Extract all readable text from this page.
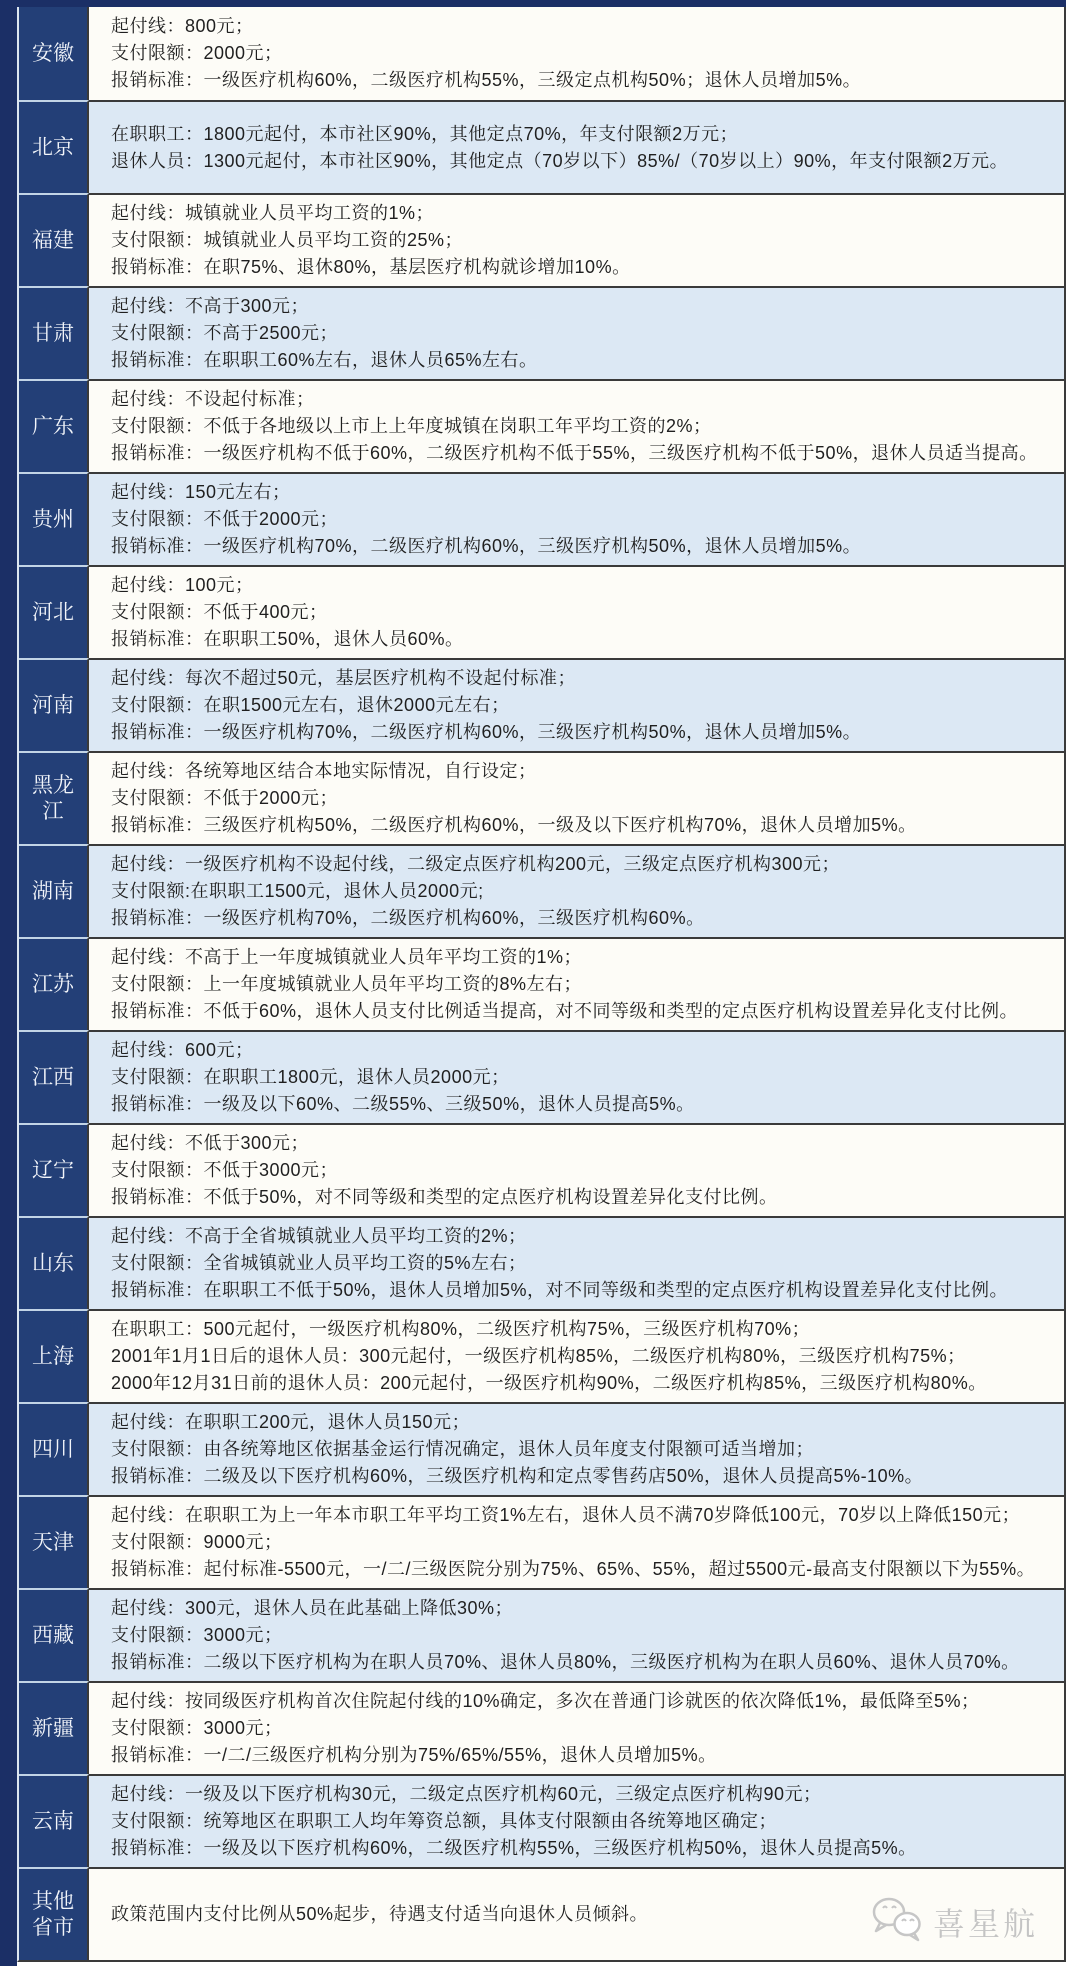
安徽
起付线：800元；
支付限额：2000元；
报销标准：一级医疗机构60%，二级医疗机构55%，三级定点机构50%；退休人员增加5%。
北京
在职职工：1800元起付，本市社区90%，其他定点70%，年支付限额2万元；
退休人员：1300元起付，本市社区90%，其他定点（70岁以下）85%/（70岁以上）90%，年支付限额2万元。
福建
起付线：城镇就业人员平均工资的1%；
支付限额：城镇就业人员平均工资的25%；
报销标准：在职75%、退休80%，基层医疗机构就诊增加10%。
甘肃
起付线：不高于300元；
支付限额：不高于2500元；
报销标准：在职职工60%左右，退休人员65%左右。
广东
起付线：不设起付标准；
支付限额：不低于各地级以上市上上年度城镇在岗职工年平均工资的2%；
报销标准：一级医疗机构不低于60%，二级医疗机构不低于55%，三级医疗机构不低于50%，退休人员适当提高。
贵州
起付线：150元左右；
支付限额：不低于2000元；
报销标准：一级医疗机构70%，二级医疗机构60%，三级医疗机构50%，退休人员增加5%。
河北
起付线：100元；
支付限额：不低于400元；
报销标准：在职职工50%，退休人员60%。
河南
起付线：每次不超过50元，基层医疗机构不设起付标准；
支付限额：在职1500元左右，退休2000元左右；
报销标准：一级医疗机构70%，二级医疗机构60%，三级医疗机构50%，退休人员增加5%。
黑龙江
起付线：各统筹地区结合本地实际情况，自行设定；
支付限额：不低于2000元；
报销标准：三级医疗机构50%，二级医疗机构60%，一级及以下医疗机构70%，退休人员增加5%。
湖南
起付线：一级医疗机构不设起付线，二级定点医疗机构200元，三级定点医疗机构300元；
支付限额:在职职工1500元，退休人员2000元;
报销标准：一级医疗机构70%，二级医疗机构60%，三级医疗机构60%。
江苏
起付线：不高于上一年度城镇就业人员年平均工资的1%；
支付限额：上一年度城镇就业人员年平均工资的8%左右；
报销标准：不低于60%，退休人员支付比例适当提高，对不同等级和类型的定点医疗机构设置差异化支付比例。
江西
起付线：600元；
支付限额：在职职工1800元，退休人员2000元；
报销标准：一级及以下60%、二级55%、三级50%，退休人员提高5%。
辽宁
起付线：不低于300元；
支付限额：不低于3000元；
报销标准：不低于50%，对不同等级和类型的定点医疗机构设置差异化支付比例。
山东
起付线：不高于全省城镇就业人员平均工资的2%；
支付限额：全省城镇就业人员平均工资的5%左右；
报销标准：在职职工不低于50%，退休人员增加5%，对不同等级和类型的定点医疗机构设置差异化支付比例。
上海
在职职工：500元起付，一级医疗机构80%，二级医疗机构75%，三级医疗机构70%；
2001年1月1日后的退休人员：300元起付，一级医疗机构85%，二级医疗机构80%，三级医疗机构75%；
2000年12月31日前的退休人员：200元起付，一级医疗机构90%，二级医疗机构85%，三级医疗机构80%。
四川
起付线：在职职工200元，退休人员150元；
支付限额：由各统筹地区依据基金运行情况确定，退休人员年度支付限额可适当增加；
报销标准：二级及以下医疗机构60%，三级医疗机构和定点零售药店50%，退休人员提高5%-10%。
天津
起付线：在职职工为上一年本市职工年平均工资1%左右，退休人员不满70岁降低100元，70岁以上降低150元；
支付限额：9000元；
报销标准：起付标准-5500元，一/二/三级医院分别为75%、65%、55%，超过5500元-最高支付限额以下为55%。
西藏
起付线：300元，退休人员在此基础上降低30%；
支付限额：3000元；
报销标准：二级以下医疗机构为在职人员70%、退休人员80%，三级医疗机构为在职人员60%、退休人员70%。
新疆
起付线：按同级医疗机构首次住院起付线的10%确定，多次在普通门诊就医的依次降低1%，最低降至5%；
支付限额：3000元；
报销标准：一/二/三级医疗机构分别为75%/65%/55%，退休人员增加5%。
云南
起付线：一级及以下医疗机构30元，二级定点医疗机构60元，三级定点医疗机构90元；
支付限额：统筹地区在职职工人均年筹资总额，具体支付限额由各统筹地区确定；
报销标准：一级及以下医疗机构60%，二级医疗机构55%，三级医疗机构50%，退休人员提高5%。
其他省市
政策范围内支付比例从50%起步，待遇支付适当向退休人员倾斜。	喜星航
